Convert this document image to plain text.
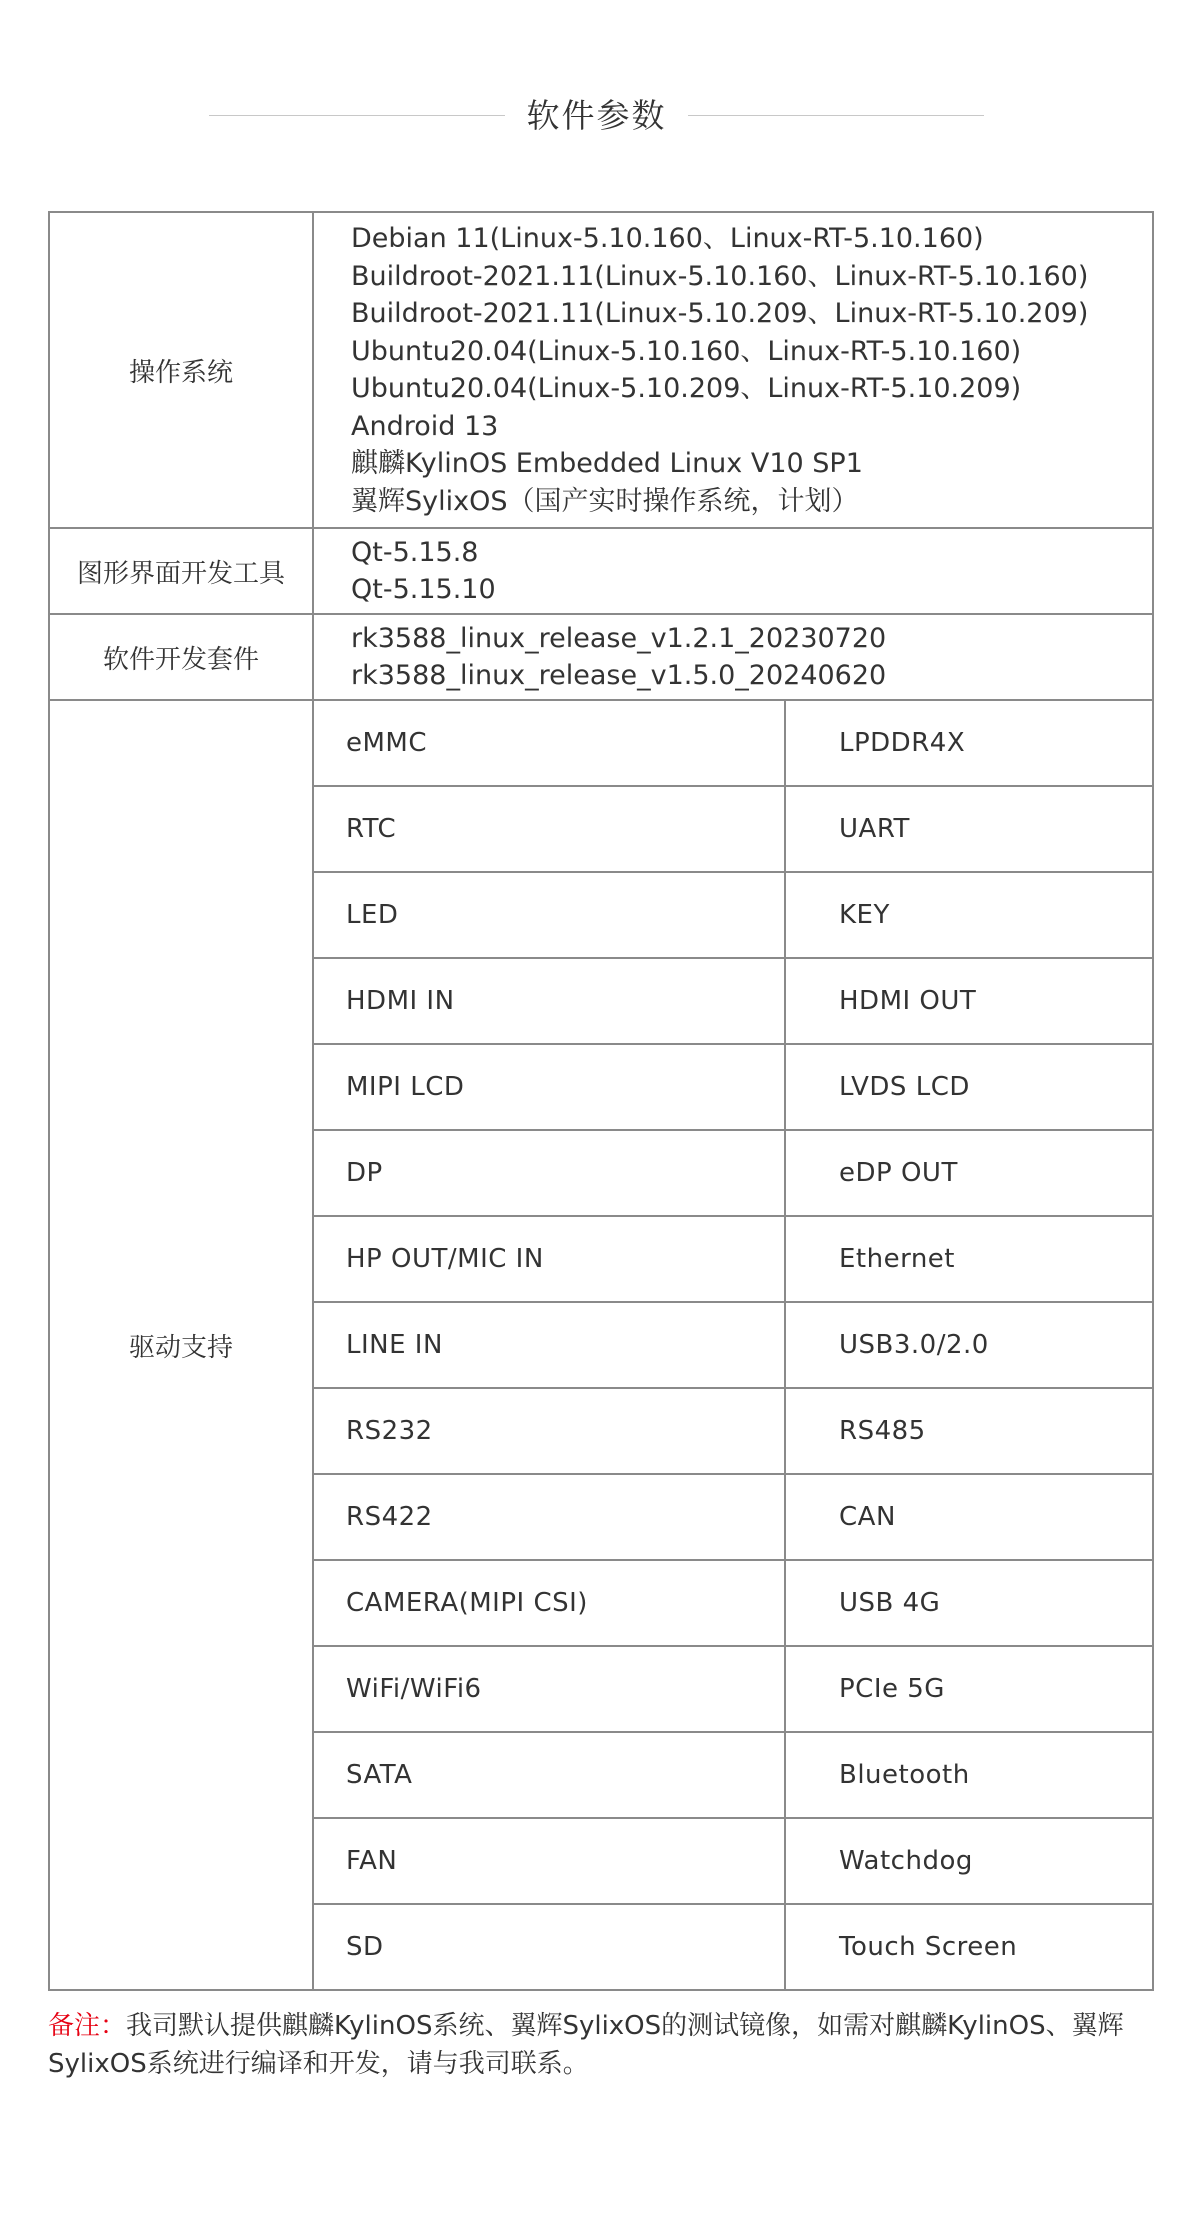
软件参数
操作系统	
Debian 11(Linux-5.10.160、Linux-RT-5.10.160)
Buildroot-2021.11(Linux-5.10.160、Linux-RT-5.10.160)
Buildroot-2021.11(Linux-5.10.209、Linux-RT-5.10.209)
Ubuntu20.04(Linux-5.10.160、Linux-RT-5.10.160)
Ubuntu20.04(Linux-5.10.209、Linux-RT-5.10.209)
Android 13
麒麟KylinOS Embedded Linux V10 SP1
翼辉SylixOS（国产实时操作系统，计划）

图形界面开发工具	
Qt-5.15.8
Qt-5.15.10

软件开发套件	
rk3588_linux_release_v1.2.1_20230720
rk3588_linux_release_v1.5.0_20240620

驱动支持	
eMMC	LPDDR4X
RTC	UART
LED	KEY
HDMI IN	HDMI OUT
MIPI LCD	LVDS LCD
DP	eDP OUT
HP OUT/MIC IN	Ethernet
LINE IN	USB3.0/2.0
RS232	RS485
RS422	CAN
CAMERA(MIPI CSI)	USB 4G
WiFi/WiFi6	PCIe 5G
SATA	Bluetooth
FAN	Watchdog
SD	Touch Screen
备注：我司默认提供麒麟KylinOS系统、翼辉SylixOS的测试镜像，如需对麒麟KylinOS、翼辉SylixOS系统进行编译和开发，请与我司联系。
